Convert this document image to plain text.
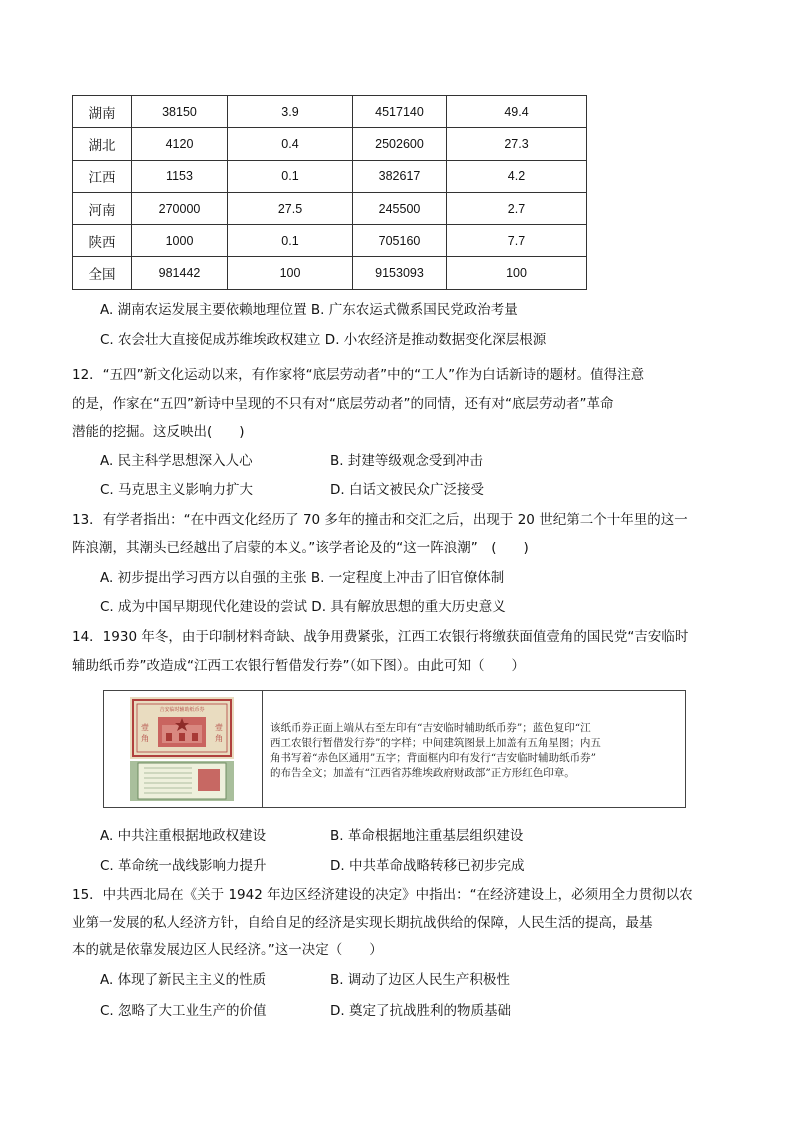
湖南	38150	3.9	4517140	49.4
湖北	4120	0.4	2502600	27.3
江西	1153	0.1	382617	4.2
河南	270000	27.5	245500	2.7
陕西	1000	0.1	705160	7.7
全国	981442	100	9153093	100
A. 湖南农运发展主要依赖地理位置 B. 广东农运式微系国民党政治考量
C. 农会壮大直接促成苏维埃政权建立 D. 小农经济是推动数据变化深层根源
12．“五四”新文化运动以来，有作家将“底层劳动者”中的“工人”作为白话新诗的题材。值得注意
的是，作家在“五四”新诗中呈现的不只有对“底层劳动者”的同情，还有对“底层劳动者”革命
潜能的挖掘。这反映出(　　)
A. 民主科学思想深入人心	B. 封建等级观念受到冲击
C. 马克思主义影响力扩大	D. 白话文被民众广泛接受
13．有学者指出：“在中西文化经历了 70 多年的撞击和交汇之后，出现于 20 世纪第二个十年里的这一
阵浪潮，其潮头已经越出了启蒙的本义。”该学者论及的“这一阵浪潮”　(　　)
A. 初步提出学习西方以自强的主张 B. 一定程度上冲击了旧官僚体制
C. 成为中国早期现代化建设的尝试 D. 具有解放思想的重大历史意义
14．1930 年冬，由于印制材料奇缺、战争用费紧张，江西工农银行将缴获面值壹角的国民党“吉安临时
辅助纸币券”改造成“江西工农银行暂借发行券”（如下图）。由此可知（　　）
吉安临时辅助纸币券
壹
角
壹
角
该纸币券正面上端从右至左印有“吉安临时辅助纸币券”；蓝色复印“江
西工农银行暂借发行券”的字样；中间建筑图景上加盖有五角星图；内五
角书写着“赤色区通用”五字；背面框内印有发行“吉安临时辅助纸币券”
的布告全文；加盖有“江西省苏维埃政府财政部”正方形红色印章。
A. 中共注重根据地政权建设	B. 革命根据地注重基层组织建设
C. 革命统一战线影响力提升	D. 中共革命战略转移已初步完成
15．中共西北局在《关于 1942 年边区经济建设的决定》中指出：“在经济建设上，必须用全力贯彻以农
业第一发展的私人经济方针，自给自足的经济是实现长期抗战供给的保障，人民生活的提高，最基
本的就是依靠发展边区人民经济。”这一决定（　　）
A. 体现了新民主主义的性质	B. 调动了边区人民生产积极性
C. 忽略了大工业生产的价值	D. 奠定了抗战胜利的物质基础
